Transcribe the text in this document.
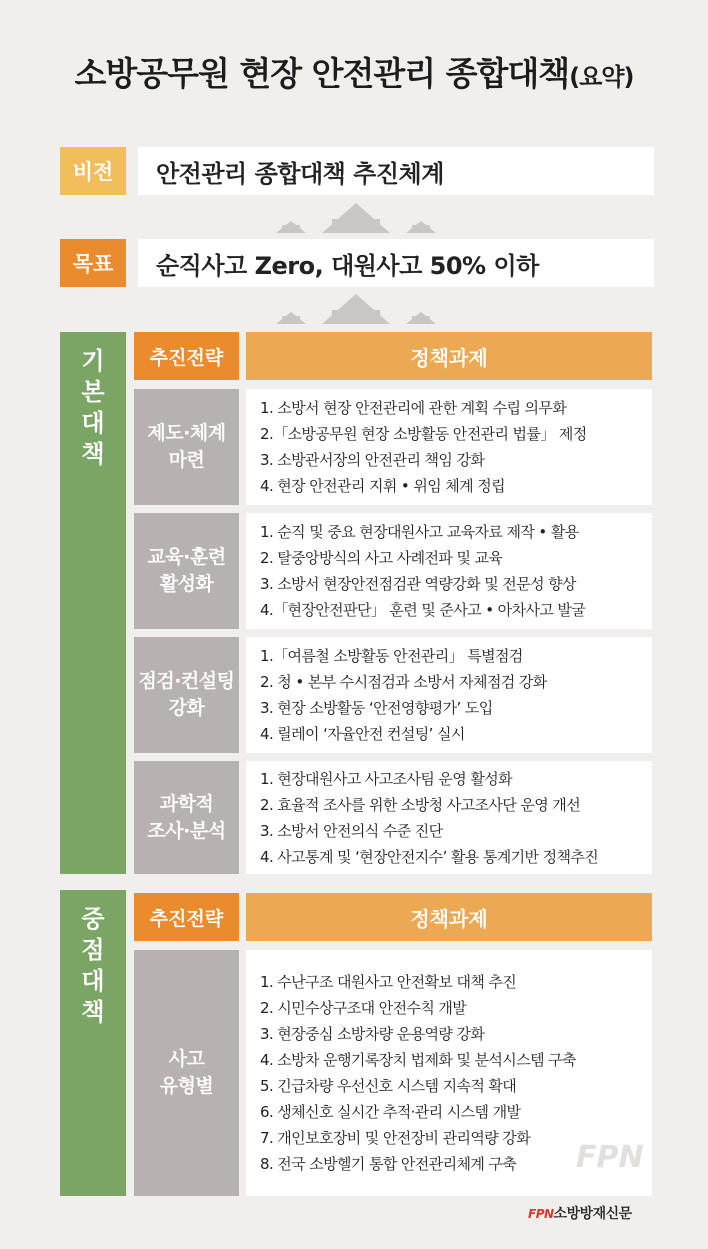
소방공무원 현장 안전관리 종합대책(요약)
비전	안전관리 종합대책 추진체계
목표	순직사고 Zero, 대원사고 50% 이하
기
본
대
책
추진전략	정책과제
제도·체계
마련
1. 소방서 현장 안전관리에 관한 계획 수립 의무화
2.「소방공무원 현장 소방활동 안전관리 법률」 제정
3. 소방관서장의 안전관리 책임 강화
4. 현장 안전관리 지휘 • 위임 체계 정립
교육·훈련
활성화
1. 순직 및 중요 현장대원사고 교육자료 제작 • 활용
2. 탈중앙방식의 사고 사례전파 및 교육
3. 소방서 현장안전점검관 역량강화 및 전문성 향상
4.「현장안전판단」 훈련 및 준사고 • 아차사고 발굴
점검·컨설팅
강화
1.「여름철 소방활동 안전관리」 특별점검
2. 청 • 본부 수시점검과 소방서 자체점검 강화
3. 현장 소방활동 ‘안전영향평가’ 도입
4. 릴레이 ‘자율안전 컨설팅’ 실시
과학적
조사·분석
1. 현장대원사고 사고조사팀 운영 활성화
2. 효율적 조사를 위한 소방청 사고조사단 운영 개선
3. 소방서 안전의식 수준 진단
4. 사고통계 및 ‘현장안전지수’ 활용 통계기반 정책추진
중
점
대
책
추진전략	정책과제
사고
유형별
1. 수난구조 대원사고 안전확보 대책 추진
2. 시민수상구조대 안전수칙 개발
3. 현장중심 소방차량 운용역량 강화
4. 소방차 운행기록장치 법제화 및 분석시스템 구축
5. 긴급차량 우선신호 시스템 지속적 확대
6. 생체신호 실시간 추적·관리 시스템 개발
7. 개인보호장비 및 안전장비 관리역량 강화
8. 전국 소방헬기 통합 안전관리체계 구축	FPN
FPN소방방재신문
